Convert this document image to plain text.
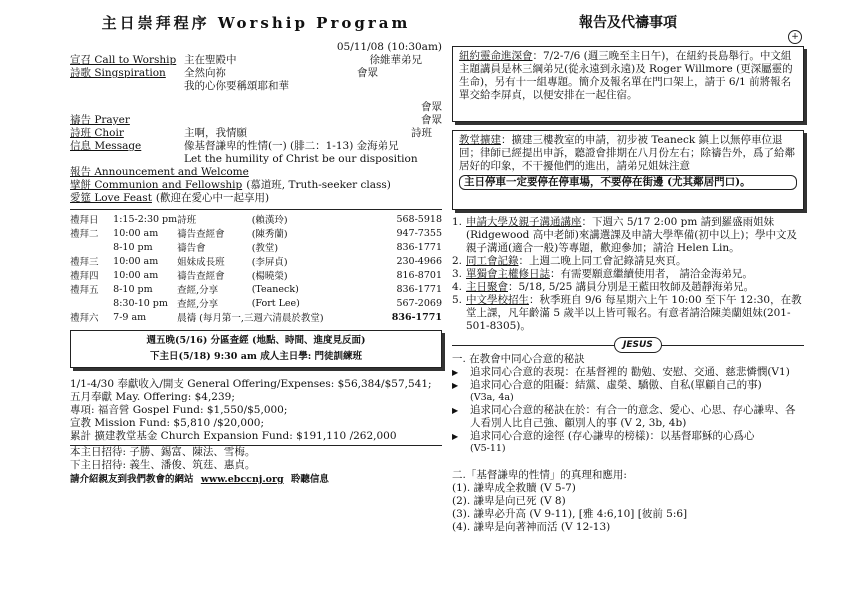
主日崇拜程序 Worship Program
05/11/08 (10:30am)
宣召 Call to Worship 主在聖殿中	徐維華弟兄
詩歌 Singspiration	全然向祢	會眾
我的心你要稱頌耶和華
會眾
禱告 Prayer	會眾
詩班 Choir	主啊，我情願	詩班
信息 Message	像基督謙卑的性情(一) (腓二：1-13) 金海弟兄
Let the humility of Christ be our disposition
報告 Announcement and Welcome
擘餅 Communion and Fellowship (慕道班, Truth-seeker class)
愛筵 Love Feast (歡迎在愛心中一起享用)
禮拜日	1:15-2:30 pm	詩班	(賴漢玲)	568-5918
禮拜二	10:00 am	禱告查經會	(陳秀蘭)	947-7355
	8-10 pm	禱告會	(教堂)	836-1771
禮拜三	10:00 am	姐妹成長班	(李屏貞)	230-4966
禮拜四	10:00 am	禱告查經會	(楊曉榮)	816-8701
禮拜五	8-10 pm	查經,分享	(Teaneck)	836-1771
	8:30-10 pm	查經,分享	(Fort Lee)	567-2069
禮拜六	7-9 am	晨禱 (每月第一,三週六清晨於教堂)		836-1771
週五晚(5/16) 分區查經 (地點、時間、進度見反面)
下主日(5/18) 9:30 am 成人主日學: 門徒訓練班
1/1-4/30 奉獻收入/開支 General Offering/Expenses: $56,384/$57,541;
五月奉獻 May. Offering: $4,239;
專項: 福音營 Gospel Fund: $1,550/$5,000;
宣教 Mission Fund: $5,810 /$20,000;
累計 擴建教堂基金 Church Expansion Fund: $191,110 /262,000
本主日招待: 子勝、錫富、陳法、雪梅。
下主日招待: 義生、潘俊、筑莛、惠貞。
請介紹親友到我們教會的網站 www.ebccnj.org 聆聽信息
報告及代禱事項
+
紐約靈命進深會：7/2-7/6 (週三晚至主日午)，在紐約長島舉行。中文組主題講員是林三綱弟兄(從永遠到永遠)及 Roger Willmore (更深屬靈的生命)，另有十一組專題。簡介及報名單在門口架上，請于 6/1 前將報名單交給李屏貞，以便安排在一起住宿。
教堂擴建：擴建三樓教室的申請，初步被 Teaneck 鎮上以無停車位退回；律師已經提出申訴，聽證會排期在八月份左右；除禱告外，爲了給鄰居好的印象，不干擾他們的進出，請弟兄姐妹注意
主日停車一定要停在停車場，不要停在街邊 (尤其鄰居門口)。
1. 申請大學及親子溝通講座：下週六 5/17 2:00 pm 請到羅盛雨姐妹 (Ridgewood 高中老師)來講選課及申請大學準備(初中以上)；學中文及親子溝通(適合一般)等專題，歡迎參加；請洽 Helen Lin。
2. 同工會記錄：上週二晚上同工會記錄請見夾頁。
3. 單獨會主權修日誌：有需要願意繼續使用者， 請洽金海弟兄。
4. 主日聚會：5/18, 5/25 講員分別是王藍田牧師及趙靜海弟兄。
5. 中文學校招生：秋季班自 9/6 每星期六上午 10:00 至下午 12:30，在教堂上課，凡年齡滿 5 歲半以上皆可報名。有意者請洽陳美蘭姐妹(201-501-8305)。
JESUS
一. 在教會中同心合意的秘訣
▶	追求同心合意的表現：在基督裡的 勸勉、安慰、交通、慈悲憐憫(V1)
▶	追求同心合意的阻礙：結黨、虛榮、驕傲、自私(單顧自己的事)
(V3a, 4a)
▶	追求同心合意的秘訣在於：有合一的意念、愛心、心思、存心謙卑、各人看別人比自己強、顧別人的事 (V 2, 3b, 4b)
▶	追求同心合意的途徑 (存心謙卑的榜樣)：以基督耶穌的心爲心
(V5-11)
二.「基督謙卑的性情」的真理和應用:
(1). 謙卑成全救贖 (V 5-7)
(2). 謙卑是向已死 (V 8)
(3). 謙卑必升高 (V 9-11), [雅 4:6,10] [彼前 5:6]
(4). 謙卑是向著神而活 (V 12-13)
